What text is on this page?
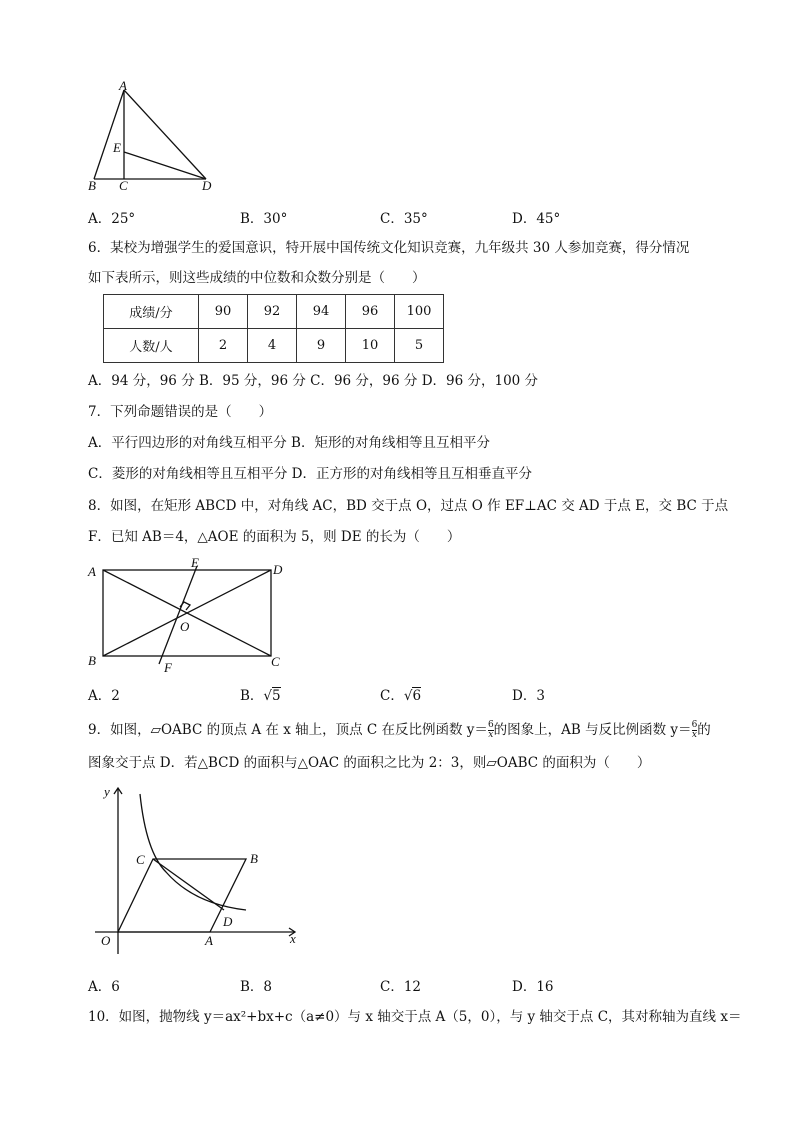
A
E
B C	D
A．25°	B．30°	C．35°	D．45°
6．某校为增强学生的爱国意识，特开展中国传统文化知识竞赛，九年级共 30 人参加竞赛，得分情况
如下表所示，则这些成绩的中位数和众数分别是（　　）
成绩/分	90	92	94	96	100
人数/人	2	4	9	10	5
A．94 分，96 分 B．95 分，96 分 C．96 分，96 分 D．96 分，100 分
7．下列命题错误的是（　　）
A．平行四边形的对角线互相平分 B．矩形的对角线相等且互相平分
C．菱形的对角线相等且互相平分 D．正方形的对角线相等且互相垂直平分
8．如图，在矩形 ABCD 中，对角线 AC，BD 交于点 O，过点 O 作 EF⊥AC 交 AD 于点 E，交 BC 于点
F．已知 AB＝4，△AOE 的面积为 5，则 DE 的长为（　　）
A
E	D
O
B	F	C
A．2	B．√5	C．√6	D．3
9．如图，▱OABC 的顶点 A 在 x 轴上，顶点 C 在反比例函数 $y= \frac{6}{x}$ 的图象上，AB 与反比例函数 $y= \frac{6}{x}$ 的
图象交于点 D．若△BCD 的面积与△OAC 的面积之比为 2：3，则▱OABC 的面积为（　　）
y
C	B
D
O	A	x
A．6	B．8	C．12	D．16
10．如图，抛物线 y＝ax²+bx+c（a≠0）与 x 轴交于点 A（5，0），与 y 轴交于点 C，其对称轴为直线 x＝
